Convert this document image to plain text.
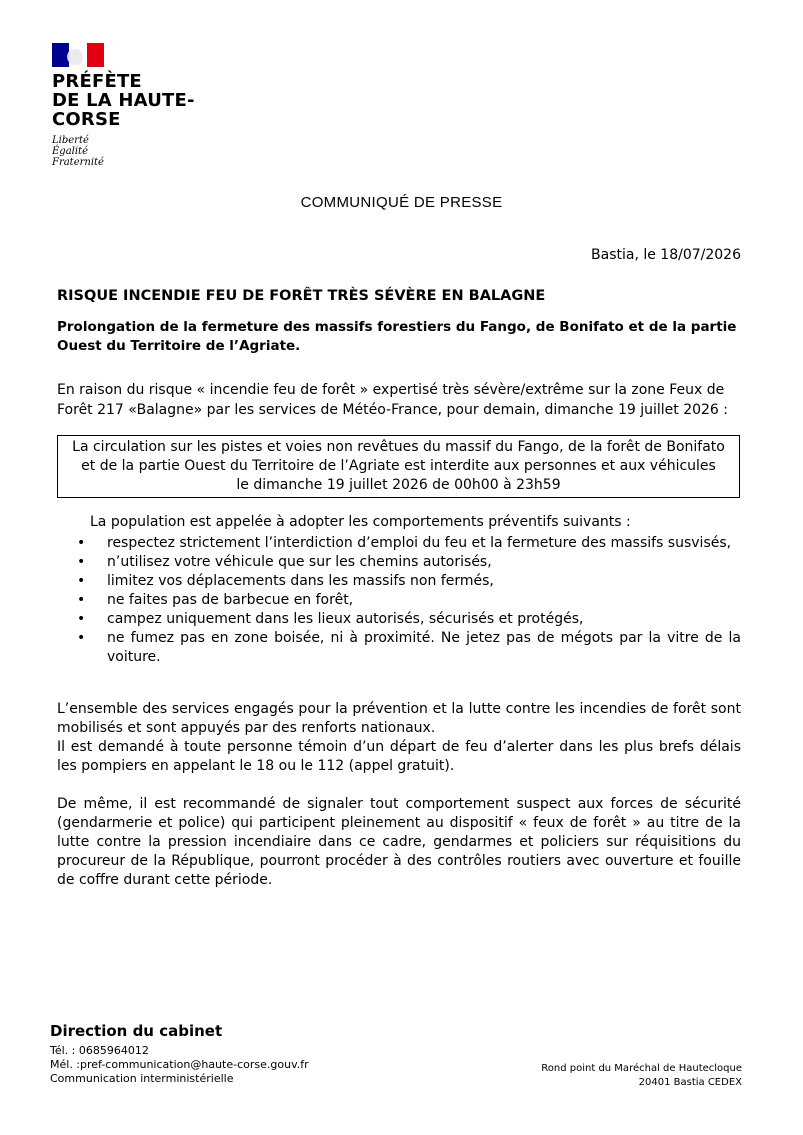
PRÉFÈTE
DE LA HAUTE-
CORSE
Liberté
Égalité
Fraternité
COMMUNIQUÉ DE PRESSE
Bastia, le 18/07/2026
RISQUE INCENDIE FEU DE FORÊT TRÈS SÉVÈRE EN BALAGNE
Prolongation de la fermeture des massifs forestiers du Fango, de Bonifato et de la partie Ouest du Territoire de l’Agriate.
En raison du risque « incendie feu de forêt » expertisé très sévère/extrême sur la zone Feux de Forêt 217 «Balagne» par les services de Météo-France, pour demain, dimanche 19 juillet 2026 :
La circulation sur les pistes et voies non revêtues du massif du Fango, de la forêt de Bonifato
et de la partie Ouest du Territoire de l’Agriate est interdite aux personnes et aux véhicules
le dimanche 19 juillet 2026 de 00h00 à 23h59
La population est appelée à adopter les comportements préventifs suivants :
• respectez strictement l’interdiction d’emploi du feu et la fermeture des massifs susvisés,
• n’utilisez votre véhicule que sur les chemins autorisés,
• limitez vos déplacements dans les massifs non fermés,
• ne faites pas de barbecue en forêt,
• campez uniquement dans les lieux autorisés, sécurisés et protégés,
• ne fumez pas en zone boisée, ni à proximité. Ne jetez pas de mégots par la vitre de la voiture.
L’ensemble des services engagés pour la prévention et la lutte contre les incendies de forêt sont mobilisés et sont appuyés par des renforts nationaux.
Il est demandé à toute personne témoin d’un départ de feu d’alerter dans les plus brefs délais les pompiers en appelant le 18 ou le 112 (appel gratuit).
De même, il est recommandé de signaler tout comportement suspect aux forces de sécurité (gendarmerie et police) qui participent pleinement au dispositif « feux de forêt » au titre de la lutte contre la pression incendiaire dans ce cadre, gendarmes et policiers sur réquisitions du procureur de la République, pourront procéder à des contrôles routiers avec ouverture et fouille de coffre durant cette période.
Direction du cabinet
Tél. : 0685964012
Mél. :pref-communication@haute-corse.gouv.fr
Communication interministérielle
Rond point du Maréchal de Hautecloque
20401 Bastia CEDEX
